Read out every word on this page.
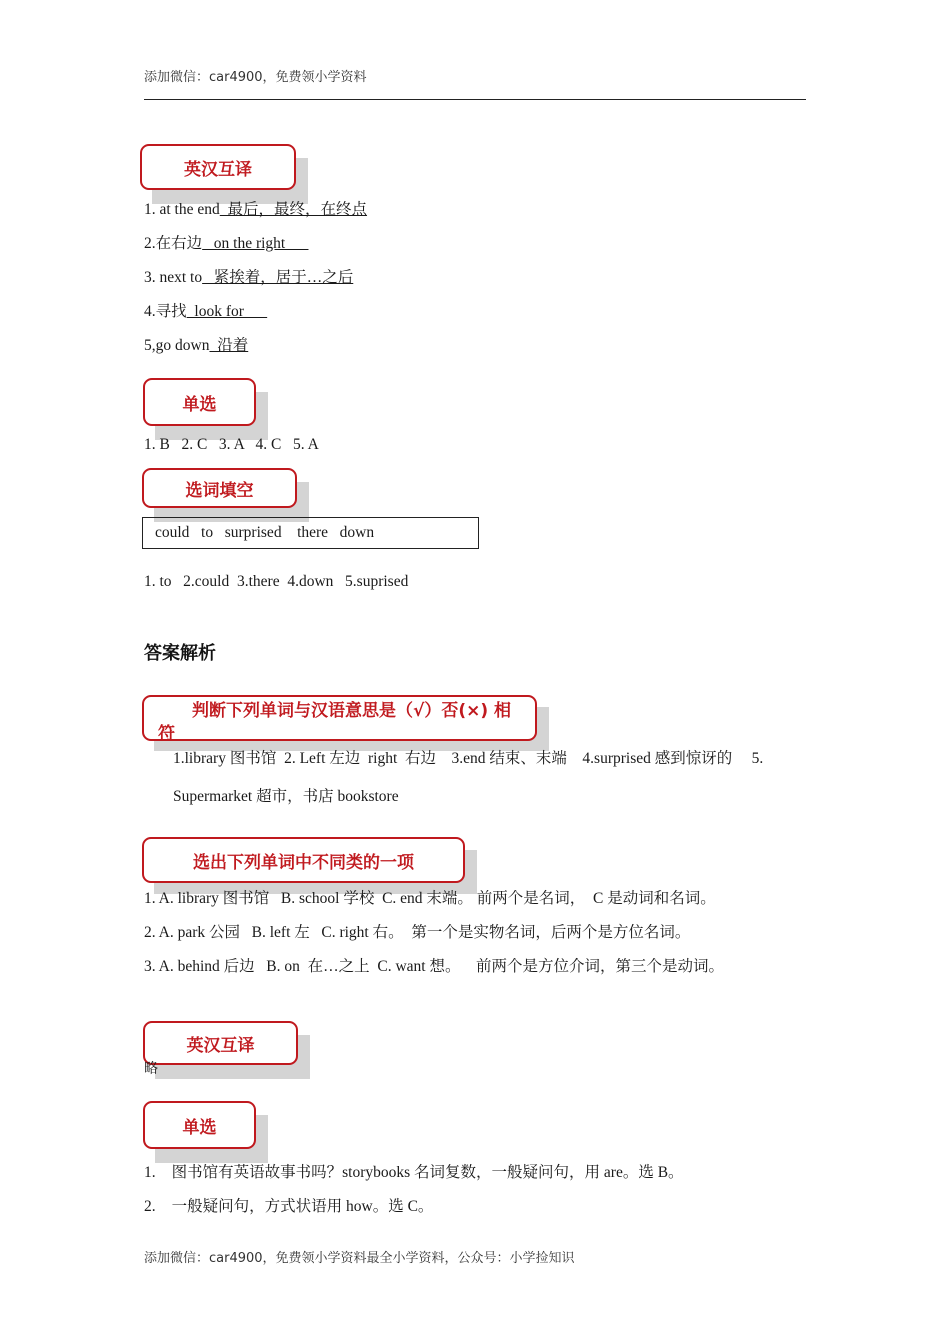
添加微信：car4900，免费领小学资料
英汉互译
1. at the end  最后，最终，在终点
2.在右边   on the right
3. next to   紧挨着，居于…之后
4.寻找  look for
5,go down  沿着
单选
1. B   2. C   3. A   4. C   5. A
选词填空
could   to   surprised    there   down
1. to   2.could  3.there  4.down   5.suprised
答案解析
判断下列单词与汉语意思是（√）否(×) 相符
1.library 图书馆  2. Left 左边  right  右边    3.end 结束、末端    4.surprised 感到惊讶的     5.
Supermarket 超市，书店 bookstore
选出下列单词中不同类的一项
1. A. library 图书馆   B. school 学校  C. end 末端。 前两个是名词，  C 是动词和名词。
2. A. park 公园   B. left 左   C. right 右。  第一个是实物名词，后两个是方位名词。
3. A. behind 后边   B. on  在…之上  C. want 想。    前两个是方位介词，第三个是动词。
英汉互译
略
单选
1. 图书馆有英语故事书吗？storybooks 名词复数，一般疑问句，用 are。选 B。
2. 一般疑问句，方式状语用 how。选 C。
添加微信：car4900，免费领小学资料最全小学资料，公众号：小学捡知识
